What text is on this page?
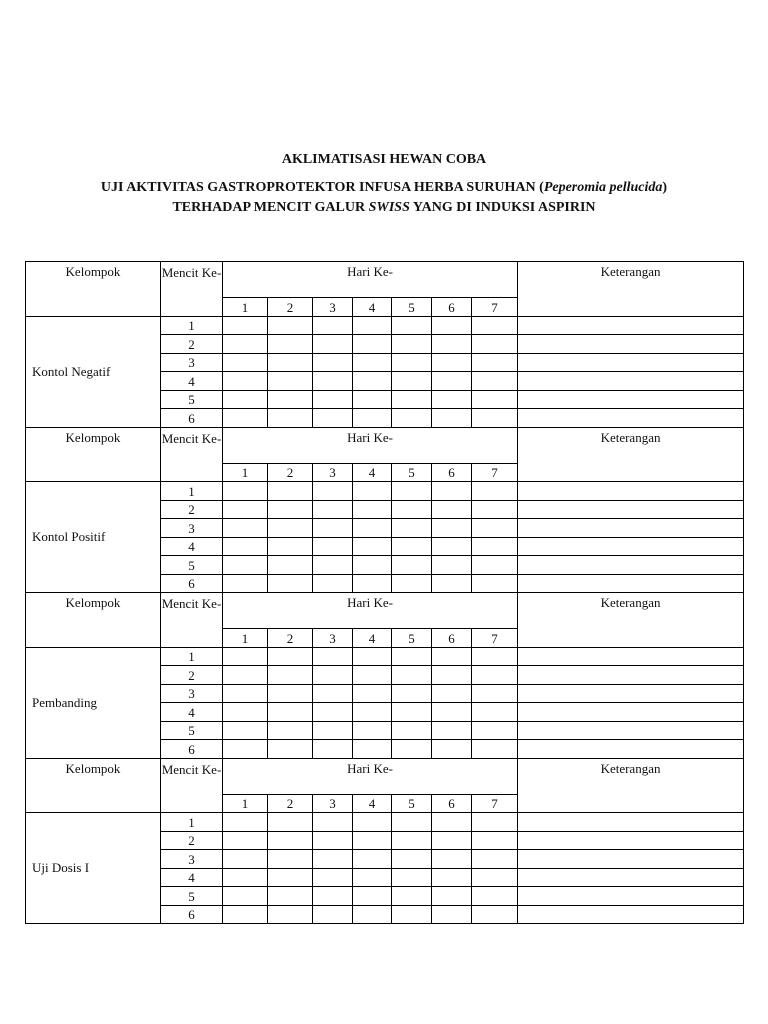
AKLIMATISASI HEWAN COBA

UJI AKTIVITAS GASTROPROTEKTOR INFUSA HERBA SURUHAN (Peperomia pellucida) TERHADAP MENCIT GALUR SWISS YANG DI INDUKSI ASPIRIN

Kelompok	Mencit Ke-	Hari Ke-							Keterangan
		1	2	3	4	5	6	7	
Kontol Negatif	1								
	2								
	3								
	4								
	5								
	6								
Kelompok	Mencit Ke-	Hari Ke-							Keterangan
		1	2	3	4	5	6	7	
Kontol Positif	1								
	2								
	3								
	4								
	5								
	6								
Kelompok	Mencit Ke-	Hari Ke-							Keterangan
		1	2	3	4	5	6	7	
Pembanding	1								
	2								
	3								
	4								
	5								
	6								
Kelompok	Mencit Ke-	Hari Ke-							Keterangan
		1	2	3	4	5	6	7	
Uji Dosis I	1								
	2								
	3								
	4								
	5								
	6								
